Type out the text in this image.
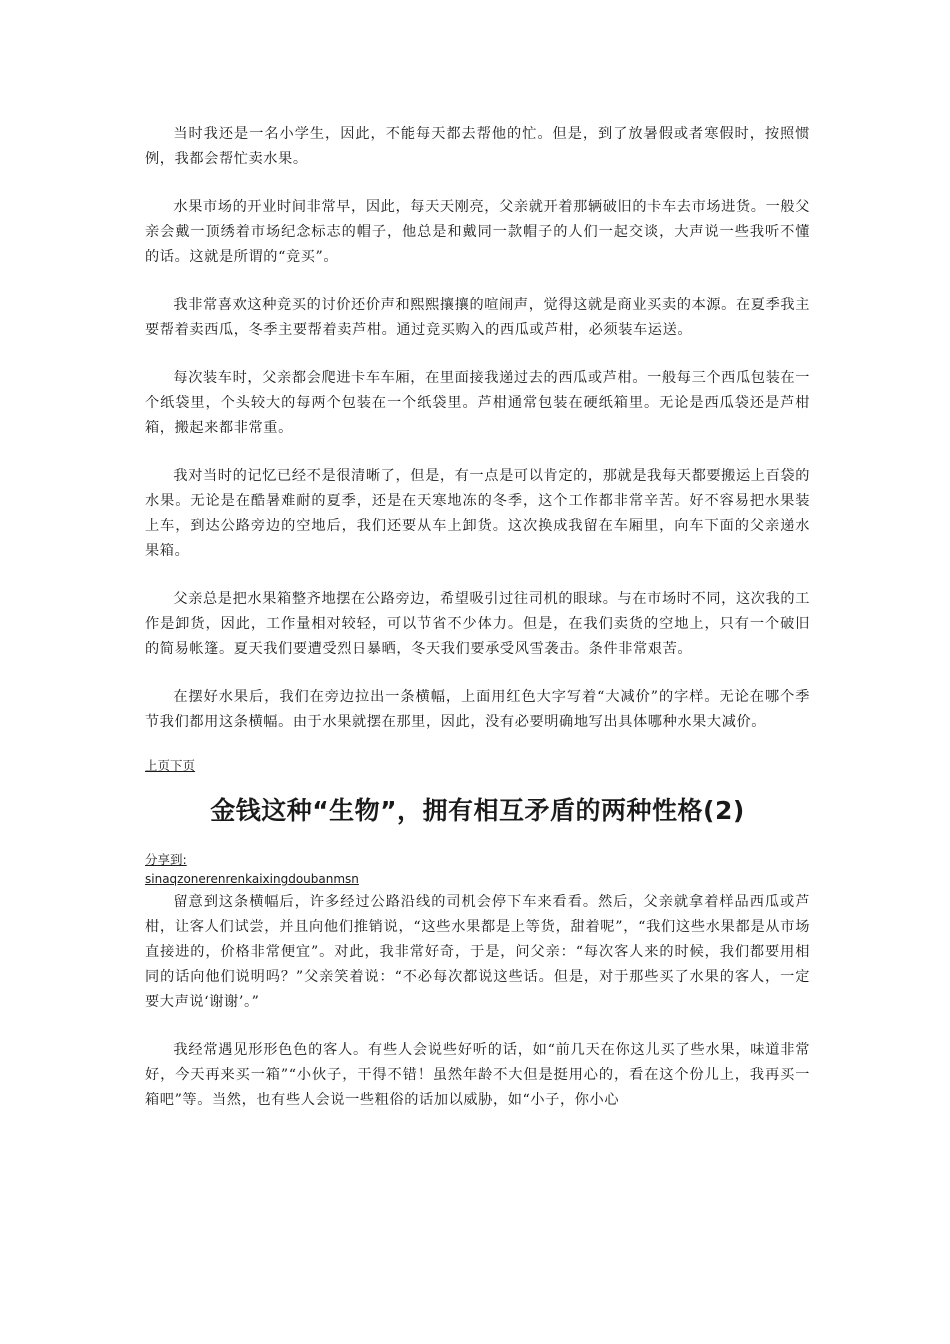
当时我还是一名小学生，因此，不能每天都去帮他的忙。但是，到了放暑假或者寒假时，按照惯例，我都会帮忙卖水果。

水果市场的开业时间非常早，因此，每天天刚亮，父亲就开着那辆破旧的卡车去市场进货。一般父亲会戴一顶绣着市场纪念标志的帽子，他总是和戴同一款帽子的人们一起交谈，大声说一些我听不懂的话。这就是所谓的“竞买”。

我非常喜欢这种竞买的讨价还价声和熙熙攘攘的喧闹声，觉得这就是商业买卖的本源。在夏季我主要帮着卖西瓜，冬季主要帮着卖芦柑。通过竞买购入的西瓜或芦柑，必须装车运送。

每次装车时，父亲都会爬进卡车车厢，在里面接我递过去的西瓜或芦柑。一般每三个西瓜包装在一个纸袋里，个头较大的每两个包装在一个纸袋里。芦柑通常包装在硬纸箱里。无论是西瓜袋还是芦柑箱，搬起来都非常重。

我对当时的记忆已经不是很清晰了，但是，有一点是可以肯定的，那就是我每天都要搬运上百袋的水果。无论是在酷暑难耐的夏季，还是在天寒地冻的冬季，这个工作都非常辛苦。好不容易把水果装上车，到达公路旁边的空地后，我们还要从车上卸货。这次换成我留在车厢里，向车下面的父亲递水果箱。

父亲总是把水果箱整齐地摆在公路旁边，希望吸引过往司机的眼球。与在市场时不同，这次我的工作是卸货，因此，工作量相对较轻，可以节省不少体力。但是，在我们卖货的空地上，只有一个破旧的简易帐篷。夏天我们要遭受烈日暴晒，冬天我们要承受风雪袭击。条件非常艰苦。

在摆好水果后，我们在旁边拉出一条横幅，上面用红色大字写着“大减价”的字样。无论在哪个季节我们都用这条横幅。由于水果就摆在那里，因此，没有必要明确地写出具体哪种水果大减价。

上页下页
金钱这种“生物”，拥有相互矛盾的两种性格(2)
分享到:
sinaqzonerenrenkaixingdoubanmsn

留意到这条横幅后，许多经过公路沿线的司机会停下车来看看。然后，父亲就拿着样品西瓜或芦柑，让客人们试尝，并且向他们推销说，“这些水果都是上等货，甜着呢”，“我们这些水果都是从市场直接进的，价格非常便宜”。对此，我非常好奇，于是，问父亲：“每次客人来的时候，我们都要用相同的话向他们说明吗？”父亲笑着说：“不必每次都说这些话。但是，对于那些买了水果的客人，一定要大声说‘谢谢’。”

我经常遇见形形色色的客人。有些人会说些好听的话，如“前几天在你这儿买了些水果，味道非常好，今天再来买一箱”“小伙子，干得不错！虽然年龄不大但是挺用心的，看在这个份儿上，我再买一箱吧”等。当然，也有些人会说一些粗俗的话加以威胁，如“小子，你小心
